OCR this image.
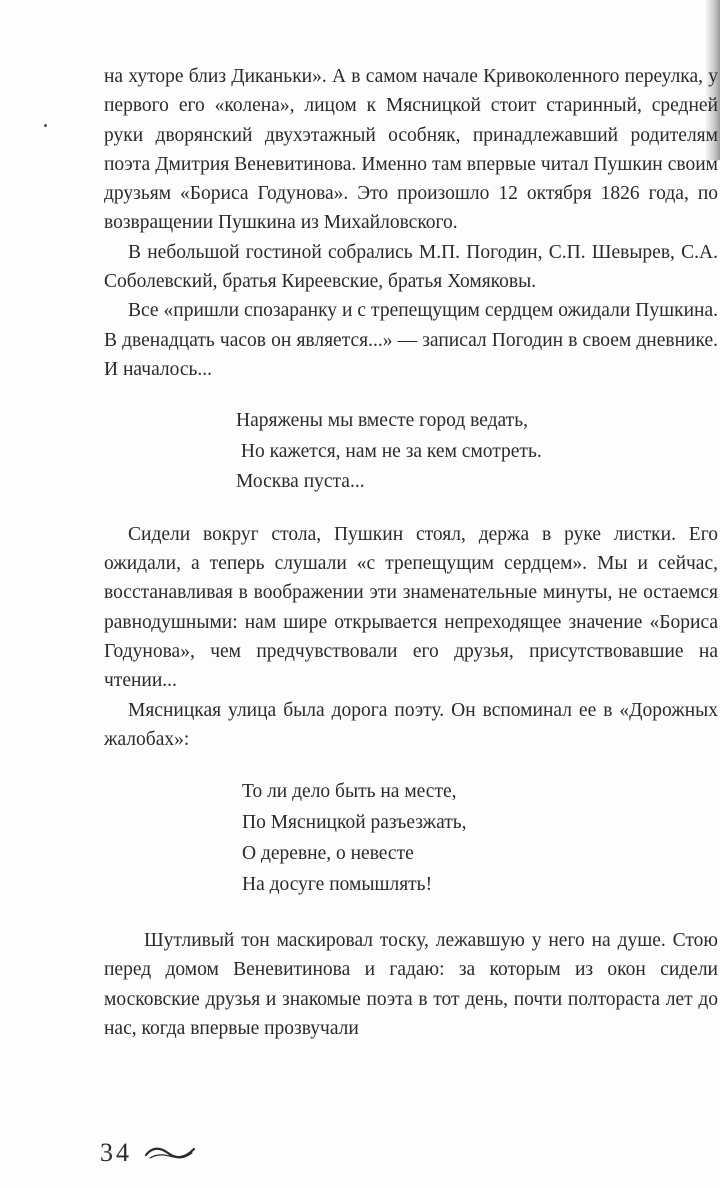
на хуторе близ Диканьки». А в самом начале Кривоколенного переулка, у первого его «колена», лицом к Мясницкой стоит старинный, средней руки дворянский двухэтажный особняк, принадлежавший родителям поэта Дмитрия Веневитинова. Именно там впервые читал Пушкин своим друзьям «Бориса Годунова». Это произошло 12 октября 1826 года, по возвращении Пушкина из Михайловского.

В небольшой гостиной собрались М.П. Погодин, С.П. Шевырев, С.А. Соболевский, братья Киреевские, братья Хомяковы.

Все «пришли спозаранку и с трепещущим сердцем ожидали Пушкина. В двенадцать часов он является...» — записал Погодин в своем дневнике. И началось...

Наряжены мы вместе город ведать,
Но кажется, нам не за кем смотреть.
Москва пуста...

Сидели вокруг стола, Пушкин стоял, держа в руке листки. Его ожидали, а теперь слушали «с трепещущим сердцем». Мы и сейчас, восстанавливая в воображении эти знаменательные минуты, не остаемся равнодушными: нам шире открывается непреходящее значение «Бориса Годунова», чем предчувствовали его друзья, присутствовавшие на чтении...

Мясницкая улица была дорога поэту. Он вспоминал ее в «Дорожных жалобах»:

То ли дело быть на месте,
По Мясницкой разъезжать,
О деревне, о невесте
На досуге помышлять!

Шутливый тон маскировал тоску, лежавшую у него на душе. Стою перед домом Веневитинова и гадаю: за которым из окон сидели московские друзья и знакомые поэта в тот день, почти полтораста лет до нас, когда впервые прозвучали

34
